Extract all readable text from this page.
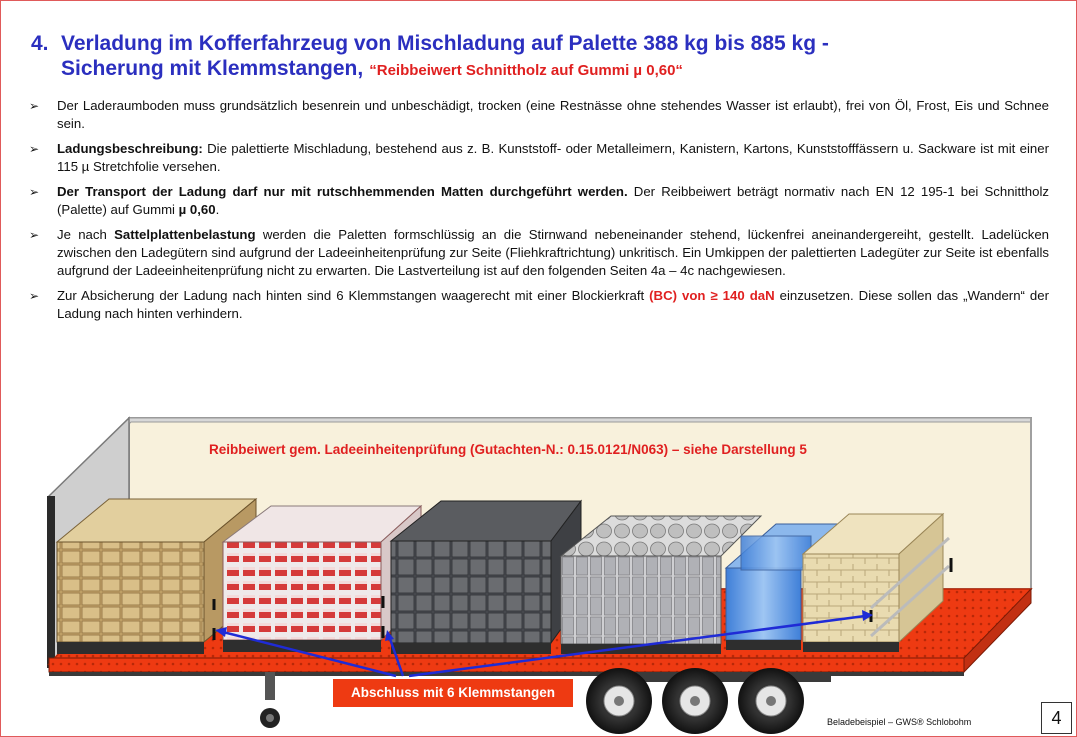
4. Verladung im Kofferfahrzeug von Mischladung auf Palette 388 kg bis 885 kg -
Sicherung mit Klemmstangen, “Reibbeiwert Schnittholz auf Gummi µ 0,60“
➢ Der Laderaumboden muss grundsätzlich besenrein und unbeschädigt, trocken (eine Restnässe ohne stehendes Wasser ist erlaubt), frei von Öl, Frost, Eis und Schnee sein.
➢ Ladungsbeschreibung: Die palettierte Mischladung, bestehend aus z. B. Kunststoff- oder Metalleimern, Kanistern, Kartons, Kunststofffässern u. Sackware ist mit einer 115 µ Stretchfolie versehen.
➢ Der Transport der Ladung darf nur mit rutschhemmenden Matten durchgeführt werden. Der Reibbeiwert beträgt normativ nach EN 12 195-1 bei Schnittholz (Palette) auf Gummi µ 0,60.
➢ Je nach Sattelplattenbelastung werden die Paletten formschlüssig an die Stirnwand nebeneinander stehend, lückenfrei aneinandergereiht, gestellt. Ladelücken zwischen den Ladegütern sind aufgrund der Ladeeinheitenprüfung zur Seite (Fliehkraftrichtung) unkritisch. Ein Umkippen der palettierten Ladegüter zur Seite ist ebenfalls aufgrund der Ladeeinheitenprüfung nicht zu erwarten. Die Lastverteilung ist auf den folgenden Seiten 4a – 4c nachgewiesen.
➢ Zur Absicherung der Ladung nach hinten sind 6 Klemmstangen waagerecht mit einer Blockierkraft (BC) von ≥ 140 daN einzusetzen. Diese sollen das „Wandern“ der Ladung nach hinten verhindern.
Reibbeiwert gem. Ladeeinheitenprüfung (Gutachten-N.: 0.15.0121/N063) – siehe Darstellung 5
Abschluss mit 6 Klemmstangen
Beladebeispiel – GWS® Schlobohm	4
